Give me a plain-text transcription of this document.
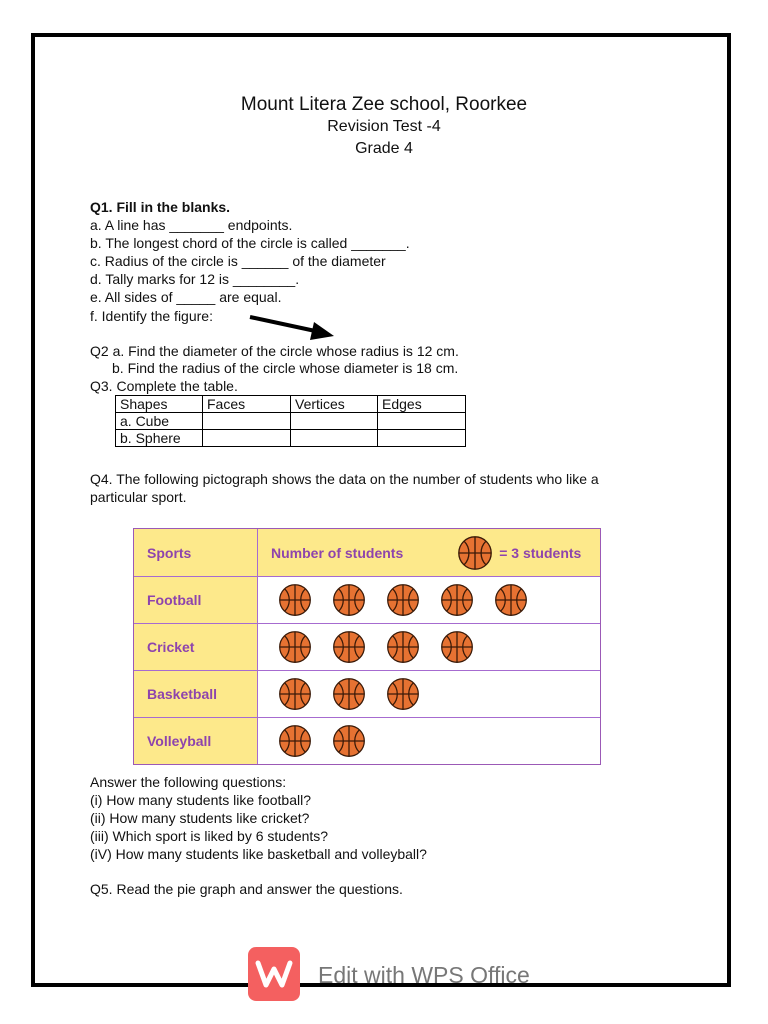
Mount Litera Zee school, Roorkee
Revision Test -4
Grade 4
Q1. Fill in the blanks.
a. A line has _______ endpoints.
b. The longest chord of the circle is called _______.
c. Radius of the circle is ______ of the diameter
d. Tally marks for 12 is ________.
e. All sides of _____ are equal.
f. Identify the figure:
Q2 a. Find the diameter of the circle whose radius is 12 cm.
b. Find the radius of the circle whose diameter is 18 cm.
Q3. Complete the table.
Shapes	Faces	Vertices	Edges
a. Cube			
b. Sphere			
Q4. The following pictograph shows the data on the number of students who like a
particular sport.
Sports	Number of students	= 3 students
Football
Cricket
Basketball
Volleyball
Answer the following questions:
(i) How many students like football?
(ii) How many students like cricket?
(iii) Which sport is liked by 6 students?
(iV) How many students like basketball and volleyball?
Q5. Read the pie graph and answer the questions.
Edit with WPS Office
